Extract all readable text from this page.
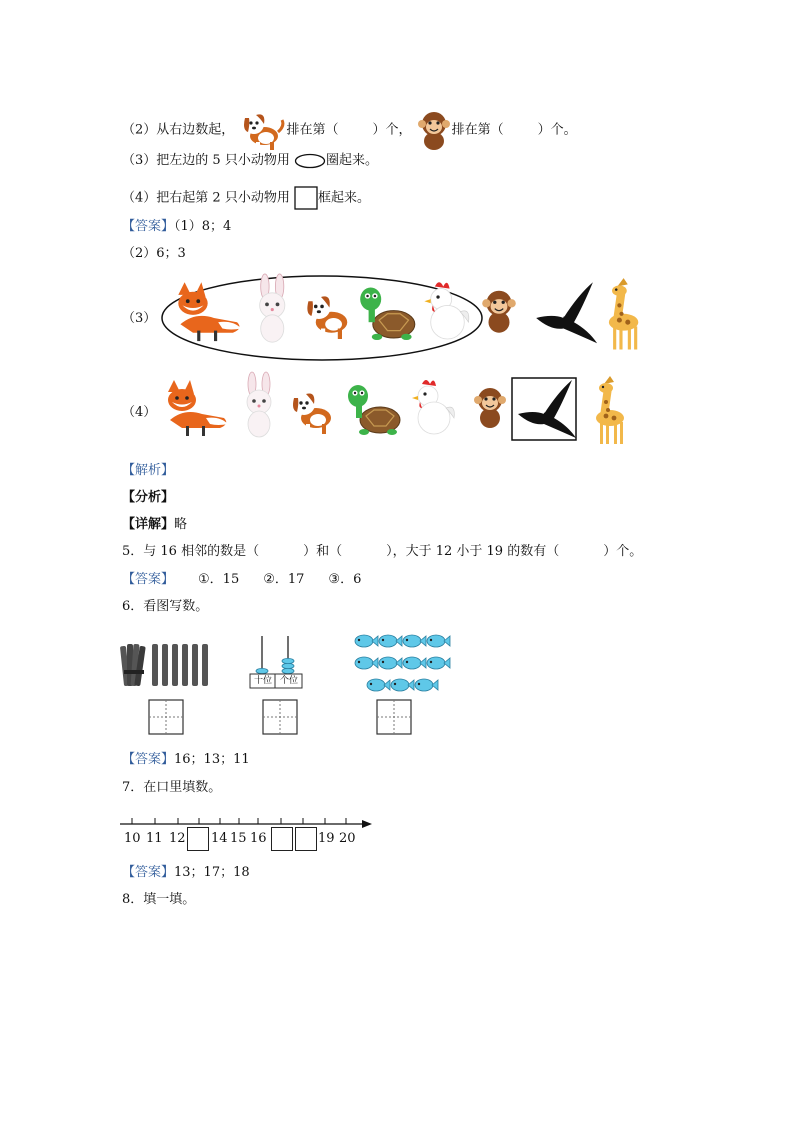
（2）从右边数起，	排在第（	）个，	排在第（	）个。
（3）把左边的 5 只小动物用	圈起来。
（4）把右起第 2 只小动物用 框起来。
【答案】（1）8；4
（2）6；3
（3）
（4）
【解析】
【分析】
【详解】略
5．与 16 相邻的数是（	）和（	），大于 12 小于 19 的数有（	）个。
【答案】 ①．15 ②．17 ③．6
6．看图写数。
十位 个位
【答案】16；13；11
7．在口里填数。
10 11 12 14 15 16	19 20
【答案】13；17；18
8．填一填。
